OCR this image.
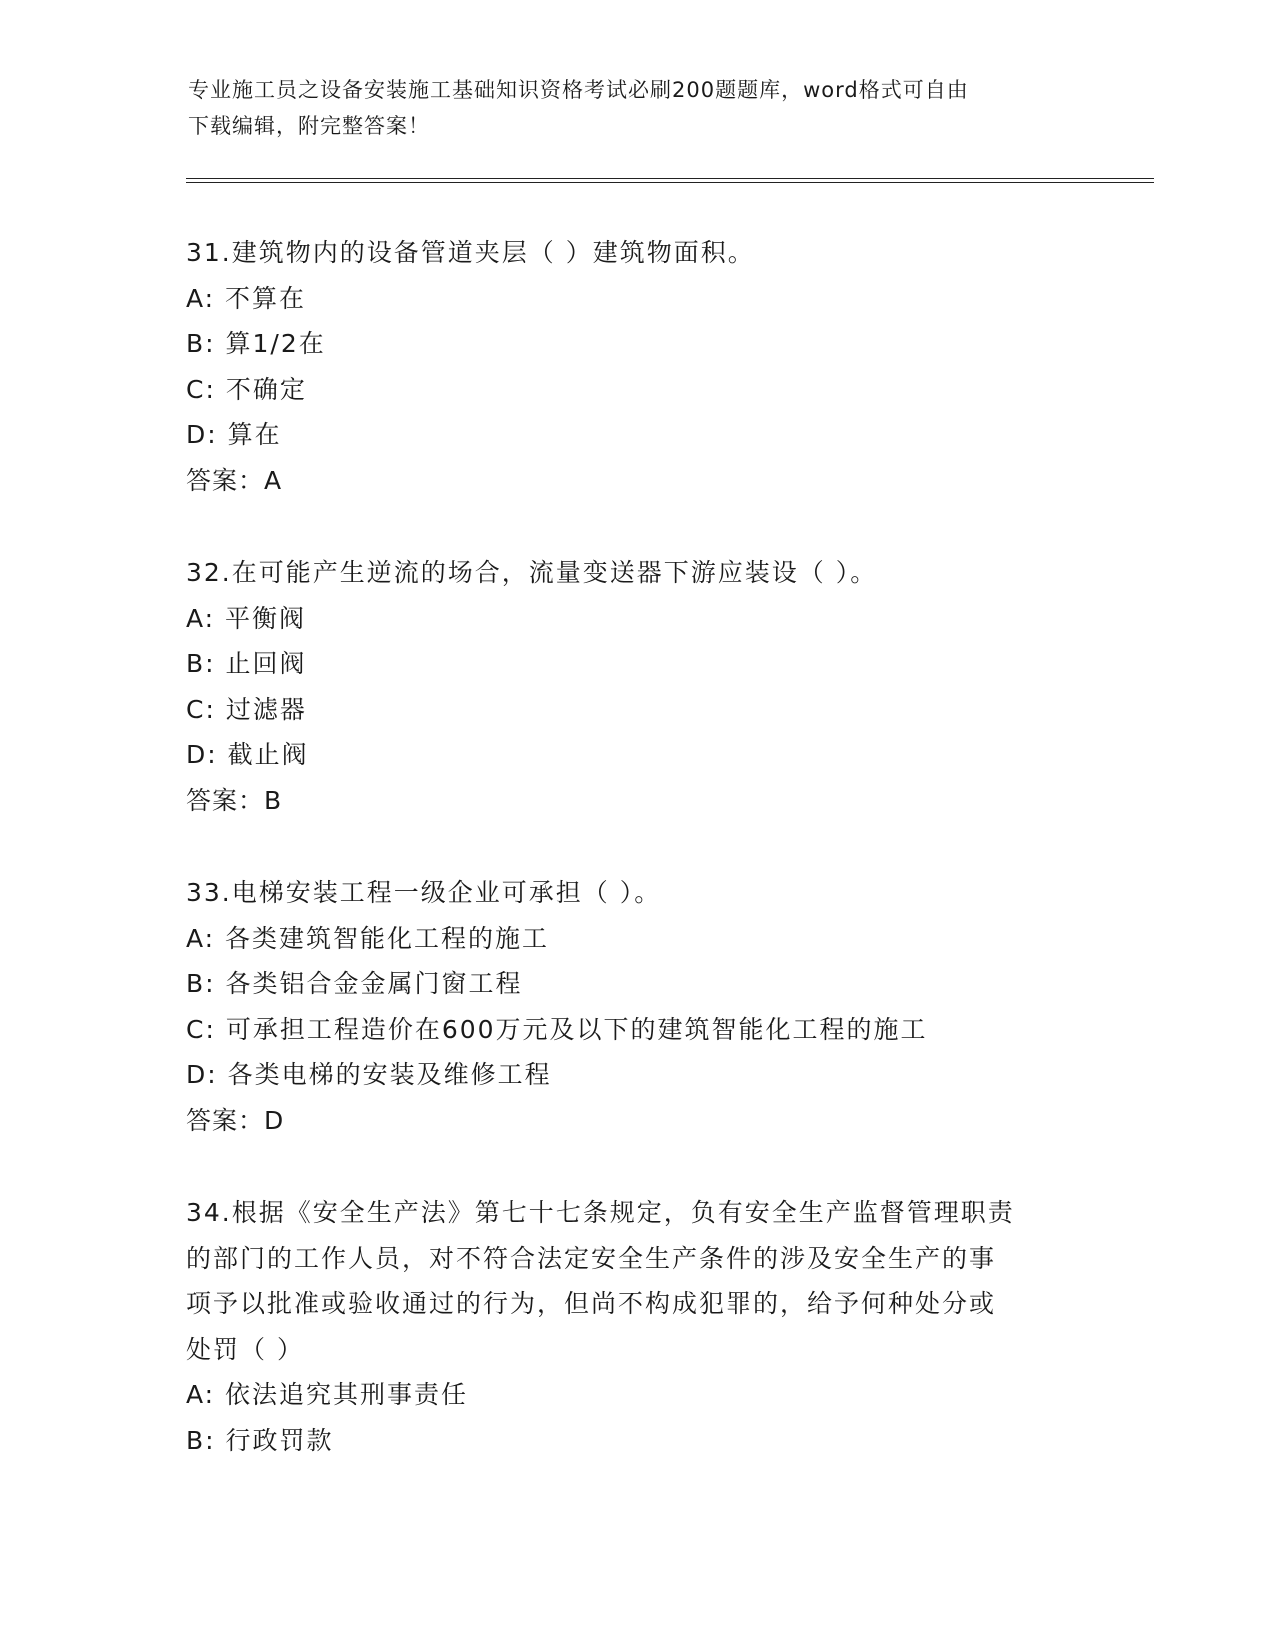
专业施工员之设备安装施工基础知识资格考试必刷200题题库，word格式可自由
下载编辑，附完整答案！
31.建筑物内的设备管道夹层（ ）建筑物面积。
A: 不算在
B: 算1/2在
C: 不确定
D: 算在
答案：A
32.在可能产生逆流的场合，流量变送器下游应装设（ ）。
A: 平衡阀
B: 止回阀
C: 过滤器
D: 截止阀
答案：B
33.电梯安装工程一级企业可承担（ ）。
A: 各类建筑智能化工程的施工
B: 各类铝合金金属门窗工程
C: 可承担工程造价在600万元及以下的建筑智能化工程的施工
D: 各类电梯的安装及维修工程
答案：D
34.根据《安全生产法》第七十七条规定，负有安全生产监督管理职责
的部门的工作人员，对不符合法定安全生产条件的涉及安全生产的事
项予以批准或验收通过的行为，但尚不构成犯罪的，给予何种处分或
处罚（ ）
A: 依法追究其刑事责任
B: 行政罚款
